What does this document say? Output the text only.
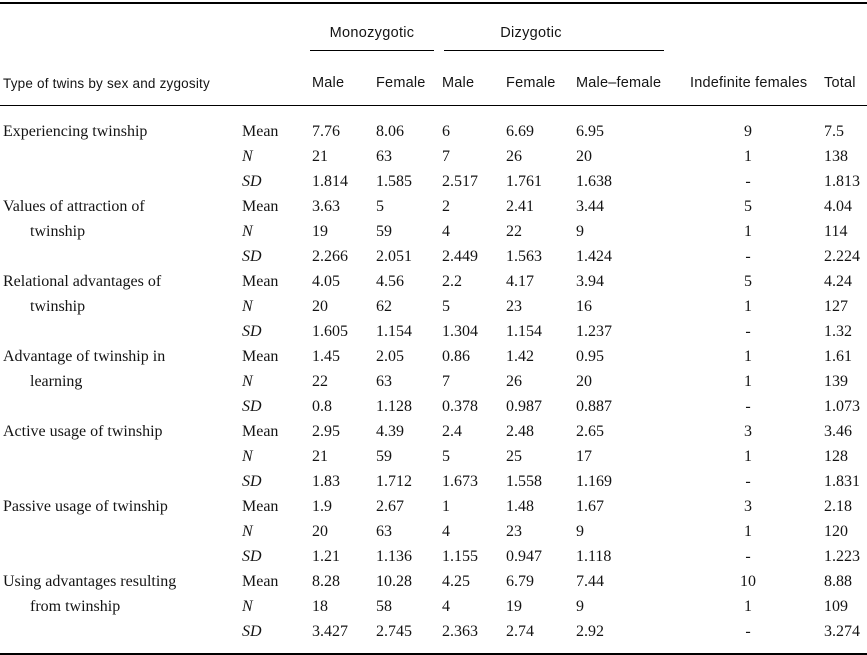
		Monozygotic		Dizygotic				

Type of twins by sex and zygosity		Male	Female	Male	Female	Male–female	Indefinite females	Total

Experiencing twinship	Mean	7.76	8.06	6	6.69	6.95	9	7.5
	N	21	63	7	26	20	1	138
	SD	1.814	1.585	2.517	1.761	1.638	-	1.813

Values of attraction of
twinship	Mean	3.63	5	2	2.41	3.44	5	4.04
	N	19	59	4	22	9	1	114
	SD	2.266	2.051	2.449	1.563	1.424	-	2.224

Relational advantages of
twinship	Mean	4.05	4.56	2.2	4.17	3.94	5	4.24
	N	20	62	5	23	16	1	127
	SD	1.605	1.154	1.304	1.154	1.237	-	1.32

Advantage of twinship in
learning	Mean	1.45	2.05	0.86	1.42	0.95	1	1.61
	N	22	63	7	26	20	1	139
	SD	0.8	1.128	0.378	0.987	0.887	-	1.073

Active usage of twinship	Mean	2.95	4.39	2.4	2.48	2.65	3	3.46
	N	21	59	5	25	17	1	128
	SD	1.83	1.712	1.673	1.558	1.169	-	1.831

Passive usage of twinship	Mean	1.9	2.67	1	1.48	1.67	3	2.18
	N	20	63	4	23	9	1	120
	SD	1.21	1.136	1.155	0.947	1.118	-	1.223

Using advantages resulting
from twinship	Mean	8.28	10.28	4.25	6.79	7.44	10	8.88
	N	18	58	4	19	9	1	109
	SD	3.427	2.745	2.363	2.74	2.92	-	3.274
